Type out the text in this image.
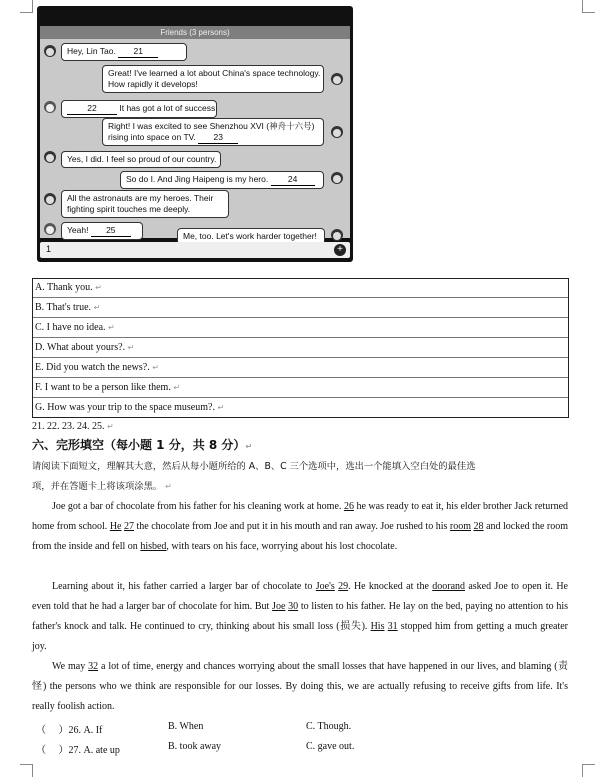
Friends (3 persons)
Hey, Lin Tao. 21
Great! I've learned a lot about China's space technology.
How rapidly it develops!
22	It has got a lot of success.
Right! I was excited to see Shenzhou XVI (神舟十六号)
rising into space on TV. 23
Yes, I did. I feel so proud of our country.
So do I. And Jing Haipeng is my hero. 24
All the astronauts are my heroes. Their
fighting spirit touches me deeply.
Yeah! 25
Me, too. Let's work harder together!
1	+
A. Thank you. ↵
B. That's true. ↵
C. I have no idea. ↵
D. What about yours?. ↵
E. Did you watch the news?. ↵
F. I want to be a person like them. ↵
G. How was your trip to the space museum?. ↵
21. 22. 23. 24. 25. ↵
六、完形填空（每小题 1 分，共 8 分）↵
请阅读下面短文，理解其大意，然后从每小题所给的 A、B、C 三个选项中，选出一个能填入空白处的最佳选
项，并在答题卡上将该项涂黑。 ↵
Joe got a bar of chocolate from his father for his cleaning work at home. 26 he was ready to eat it, his elder brother Jack returned home from school. He 27 the chocolate from Joe and put it in his mouth and ran away. Joe rushed to his room 28 and locked the room from the inside and fell on hisbed, with tears on his face, worrying about his lost chocolate.
Learning about it, his father carried a larger bar of chocolate to Joe's 29. He knocked at the doorand asked Joe to open it. He even told that he had a larger bar of chocolate for him. But Joe 30 to listen to his father. He lay on the bed, paying no attention to his father's knock and talk. He continued to cry, thinking about his small loss (损失). His 31 stopped him from getting a much greater joy.
We may 32 a lot of time, energy and chances worrying about the small losses that have happened in our lives, and blaming (责怪) the persons who we think are responsible for our losses. By doing this, we are actually refusing to receive gifts from life. It's really foolish action.
（     ）26. A. If	B. When	C. Though.
（     ）27. A. ate up	B. took away	C. gave out.
